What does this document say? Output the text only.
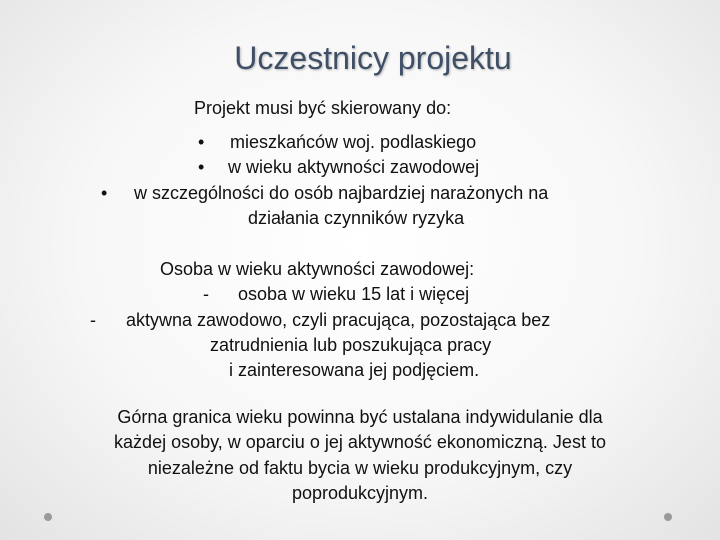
Uczestnicy projektu
Projekt musi być skierowany do:
• mieszkańców woj. podlaskiego
• w wieku aktywności zawodowej
• w szczególności do osób najbardziej narażonych na
działania czynników ryzyka
Osoba w wieku aktywności zawodowej:
- osoba w wieku 15 lat i więcej
- aktywna zawodowo, czyli pracująca, pozostająca bez
zatrudnienia lub poszukująca pracy
i zainteresowana jej podjęciem.
Górna granica wieku powinna być ustalana indywidulanie dla
każdej osoby, w oparciu o jej aktywność ekonomiczną. Jest to
niezależne od faktu bycia w wieku produkcyjnym, czy
poprodukcyjnym.
